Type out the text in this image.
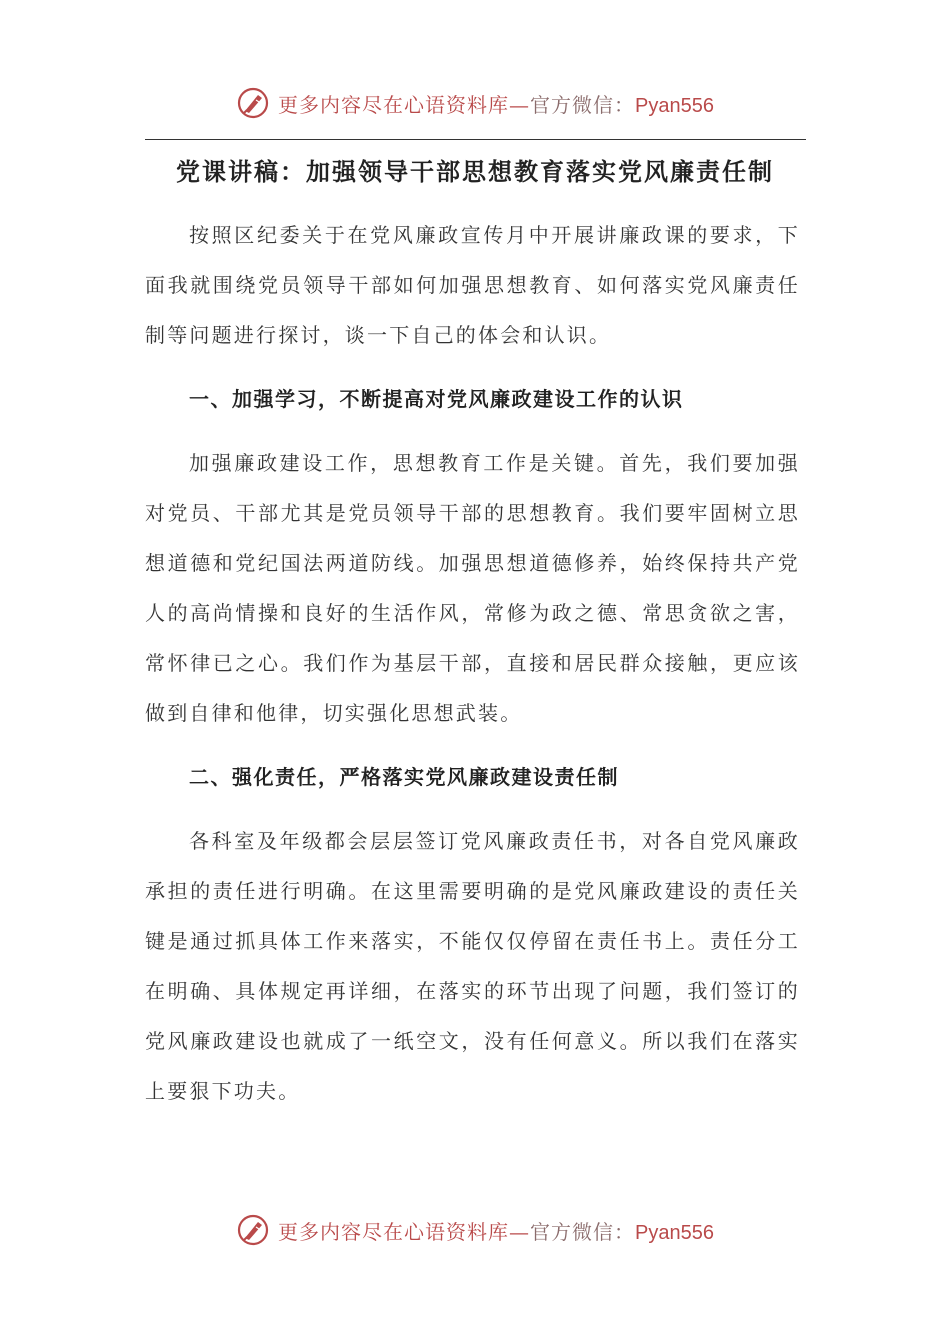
更多内容尽在心语资料库—官方微信：Pyan556
党课讲稿：加强领导干部思想教育落实党风廉责任制

按照区纪委关于在党风廉政宣传月中开展讲廉政课的要求，下面我就围绕党员领导干部如何加强思想教育、如何落实党风廉责任制等问题进行探讨，谈一下自己的体会和认识。

一、加强学习，不断提高对党风廉政建设工作的认识

加强廉政建设工作，思想教育工作是关键。首先，我们要加强对党员、干部尤其是党员领导干部的思想教育。我们要牢固树立思想道德和党纪国法两道防线。加强思想道德修养，始终保持共产党人的高尚情操和良好的生活作风，常修为政之德、常思贪欲之害，常怀律已之心。我们作为基层干部，直接和居民群众接触，更应该做到自律和他律，切实强化思想武装。

二、强化责任，严格落实党风廉政建设责任制

各科室及年级都会层层签订党风廉政责任书，对各自党风廉政承担的责任进行明确。在这里需要明确的是党风廉政建设的责任关键是通过抓具体工作来落实，不能仅仅停留在责任书上。责任分工在明确、具体规定再详细，在落实的环节出现了问题，我们签订的党风廉政建设也就成了一纸空文，没有任何意义。所以我们在落实上要狠下功夫。

更多内容尽在心语资料库—官方微信：Pyan556
